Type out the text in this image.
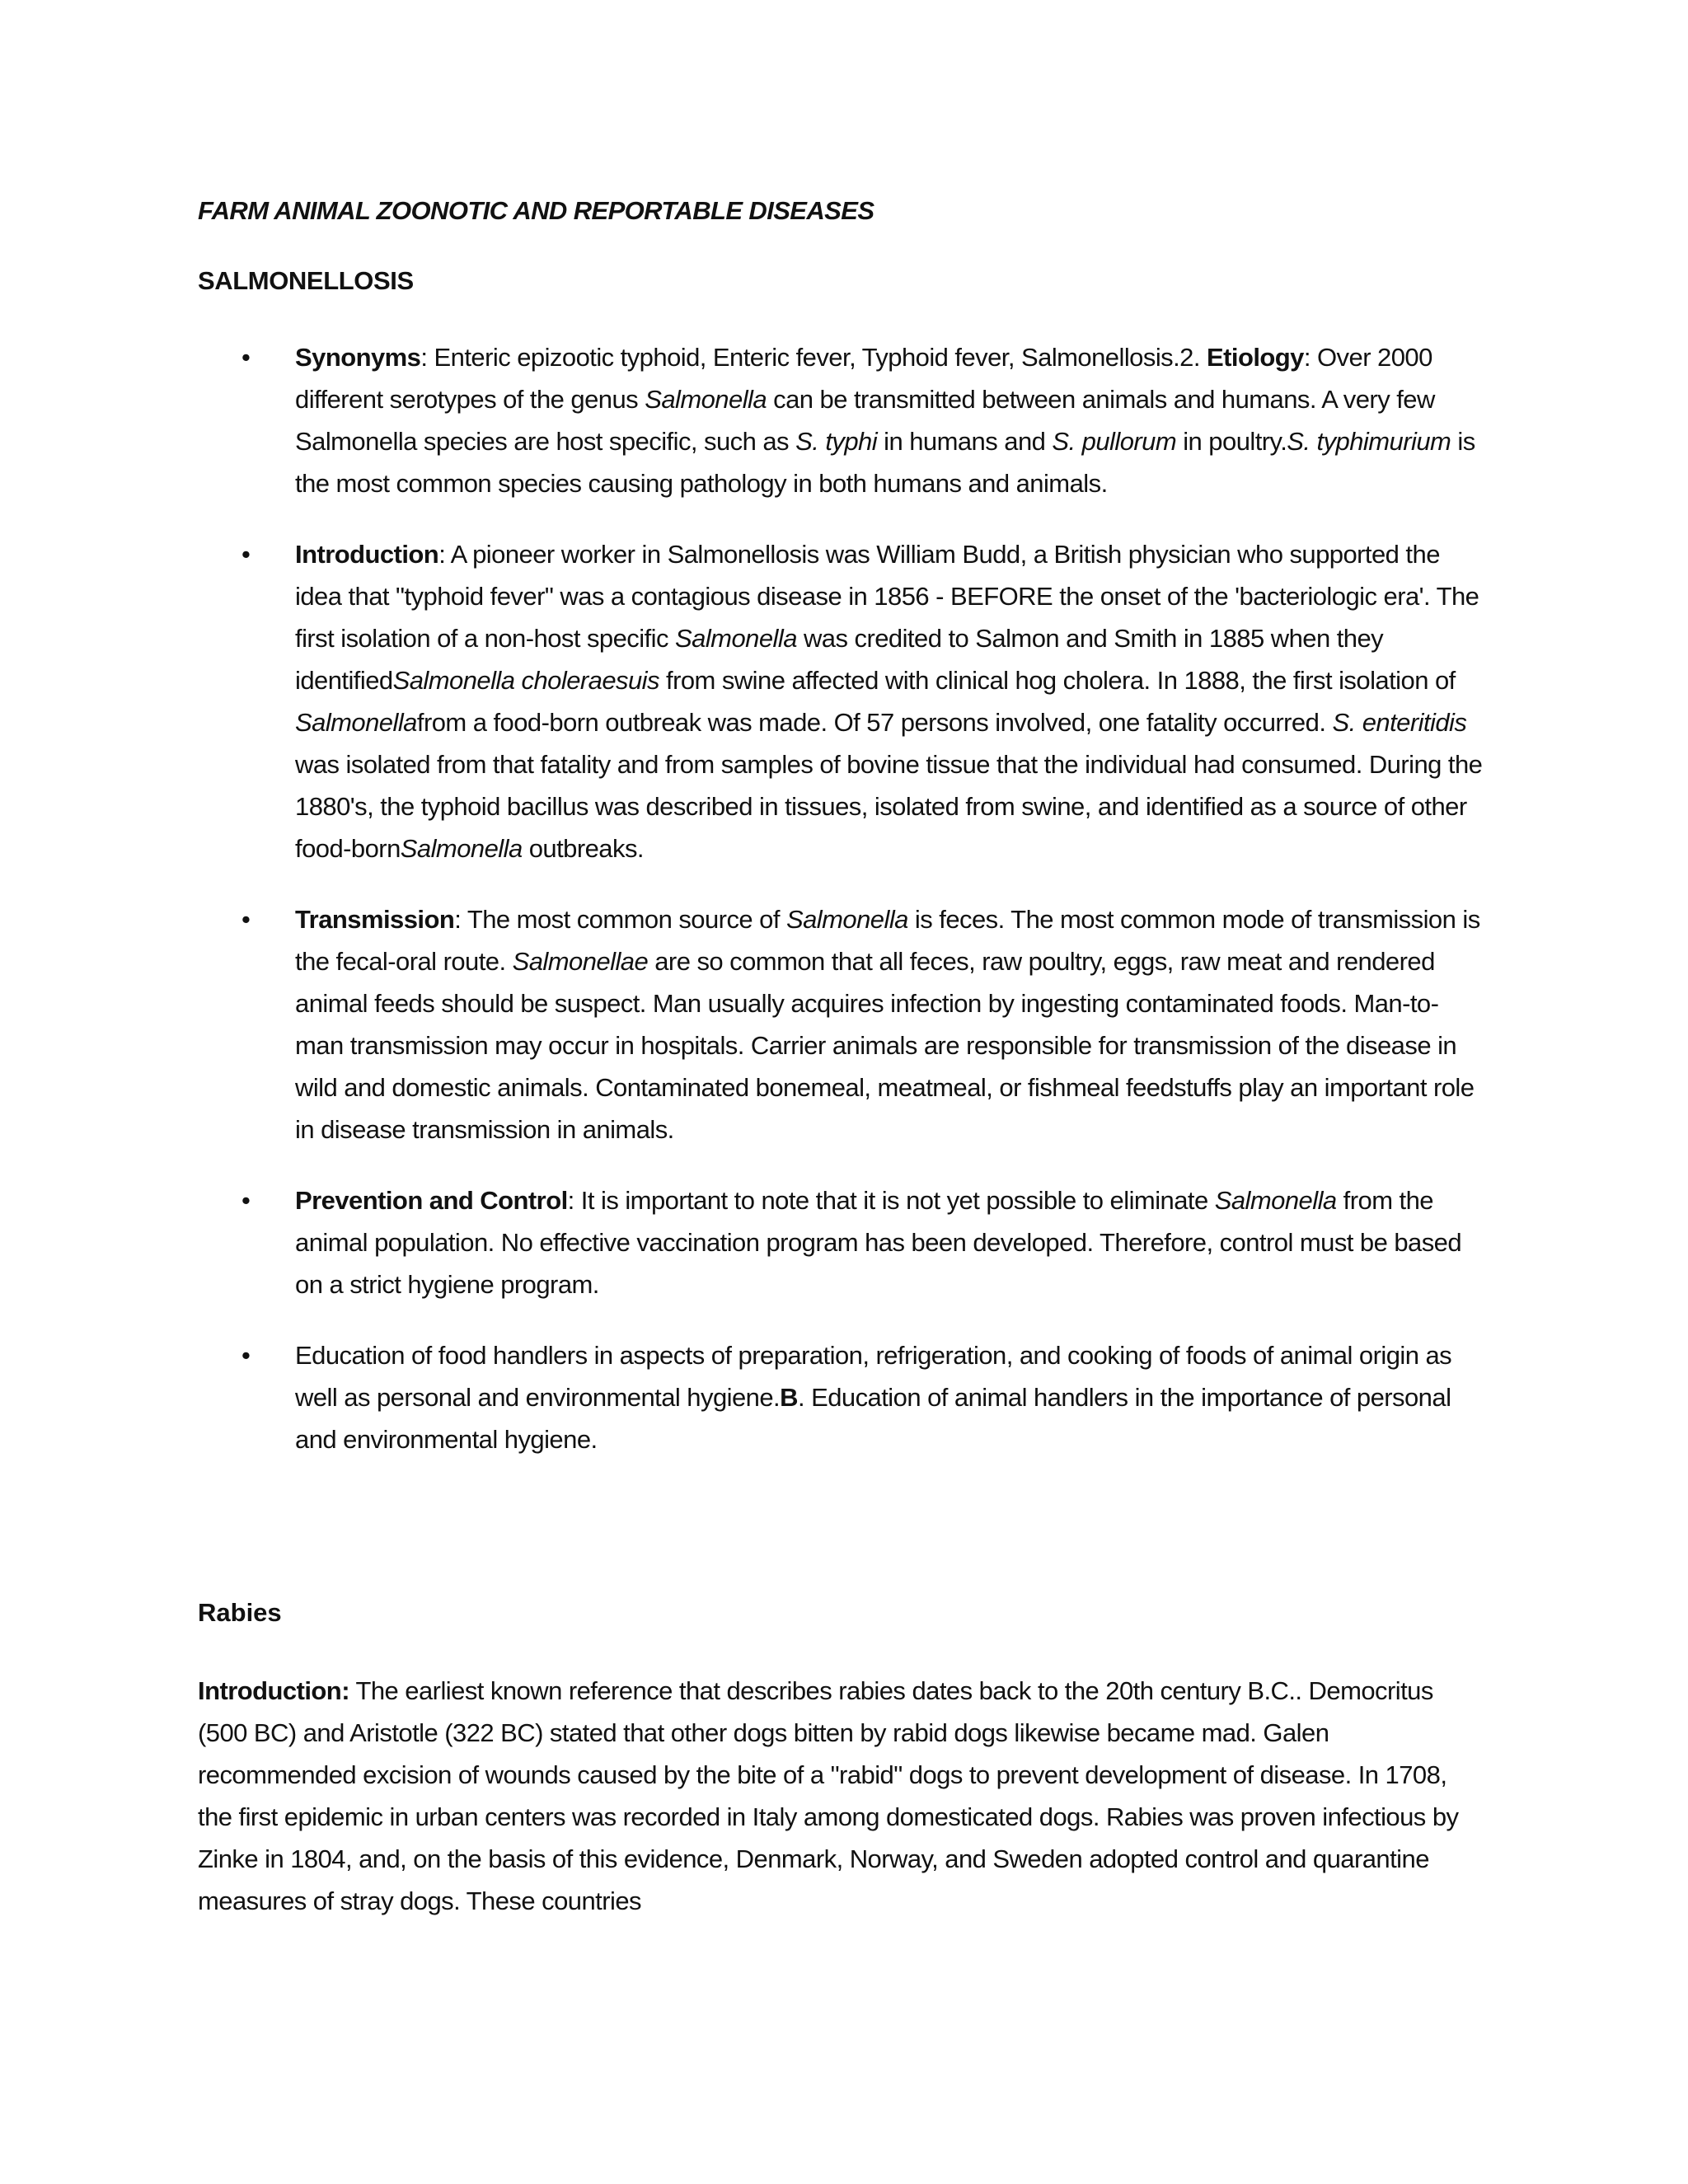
FARM ANIMAL ZOONOTIC AND REPORTABLE DISEASES
SALMONELLOSIS
• Synonyms: Enteric epizootic typhoid, Enteric fever, Typhoid fever, Salmonellosis.2. Etiology: Over 2000 different serotypes of the genus Salmonella can be transmitted between animals and humans. A very few Salmonella species are host specific, such as S. typhi in humans and S. pullorum in poultry.S. typhimurium is the most common species causing pathology in both humans and animals.
• Introduction: A pioneer worker in Salmonellosis was William Budd, a British physician who supported the idea that "typhoid fever" was a contagious disease in 1856 - BEFORE the onset of the 'bacteriologic era'. The first isolation of a non-host specific Salmonella was credited to Salmon and Smith in 1885 when they identifiedSalmonella choleraesuis from swine affected with clinical hog cholera. In 1888, the first isolation of Salmonellafrom a food-born outbreak was made. Of 57 persons involved, one fatality occurred. S. enteritidis was isolated from that fatality and from samples of bovine tissue that the individual had consumed. During the 1880's, the typhoid bacillus was described in tissues, isolated from swine, and identified as a source of other food-bornSalmonella outbreaks.
• Transmission: The most common source of Salmonella is feces. The most common mode of transmission is the fecal-oral route. Salmonellae are so common that all feces, raw poultry, eggs, raw meat and rendered animal feeds should be suspect. Man usually acquires infection by ingesting contaminated foods. Man-to-man transmission may occur in hospitals. Carrier animals are responsible for transmission of the disease in wild and domestic animals. Contaminated bonemeal, meatmeal, or fishmeal feedstuffs play an important role in disease transmission in animals.
• Prevention and Control: It is important to note that it is not yet possible to eliminate Salmonella from the animal population. No effective vaccination program has been developed. Therefore, control must be based on a strict hygiene program.
• Education of food handlers in aspects of preparation, refrigeration, and cooking of foods of animal origin as well as personal and environmental hygiene.B. Education of animal handlers in the importance of personal and environmental hygiene.
Rabies

Introduction: The earliest known reference that describes rabies dates back to the 20th century B.C.. Democritus (500 BC) and Aristotle (322 BC) stated that other dogs bitten by rabid dogs likewise became mad. Galen recommended excision of wounds caused by the bite of a "rabid" dogs to prevent development of disease. In 1708, the first epidemic in urban centers was recorded in Italy among domesticated dogs. Rabies was proven infectious by Zinke in 1804, and, on the basis of this evidence, Denmark, Norway, and Sweden adopted control and quarantine measures of stray dogs. These countries
